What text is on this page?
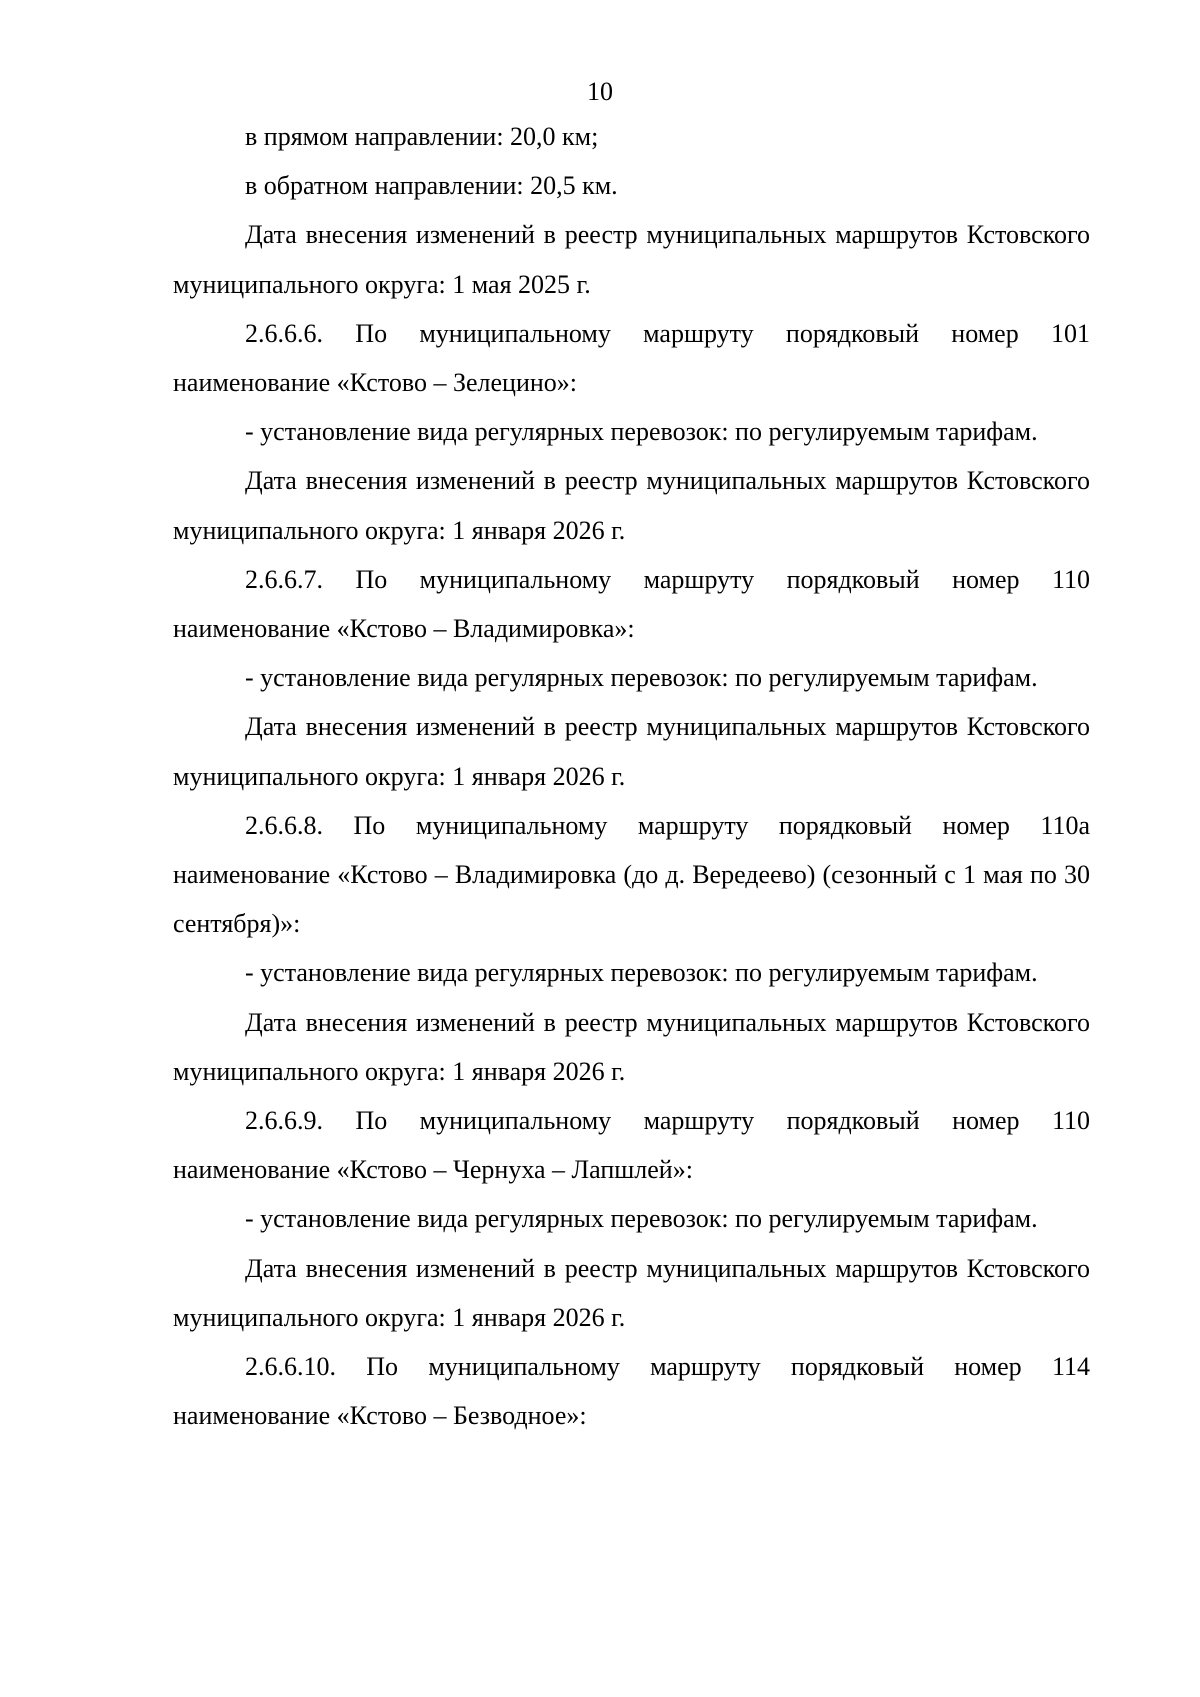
10

в прямом направлении: 20,0 км;

в обратном направлении: 20,5 км.

Дата внесения изменений в реестр муниципальных маршрутов Кстовского муниципального округа: 1 мая 2025 г.

2.6.6.6. По муниципальному маршруту порядковый номер 101 наименование «Кстово – Зелецино»:

- установление вида регулярных перевозок: по регулируемым тарифам.

Дата внесения изменений в реестр муниципальных маршрутов Кстовского муниципального округа: 1 января 2026 г.

2.6.6.7. По муниципальному маршруту порядковый номер 110 наименование «Кстово – Владимировка»:

- установление вида регулярных перевозок: по регулируемым тарифам.

Дата внесения изменений в реестр муниципальных маршрутов Кстовского муниципального округа: 1 января 2026 г.

2.6.6.8. По муниципальному маршруту порядковый номер 110а наименование «Кстово – Владимировка (до д. Вередеево) (сезонный с 1 мая по 30 сентября)»:

- установление вида регулярных перевозок: по регулируемым тарифам.

Дата внесения изменений в реестр муниципальных маршрутов Кстовского муниципального округа: 1 января 2026 г.

2.6.6.9. По муниципальному маршруту порядковый номер 110 наименование «Кстово – Чернуха – Лапшлей»:

- установление вида регулярных перевозок: по регулируемым тарифам.

Дата внесения изменений в реестр муниципальных маршрутов Кстовского муниципального округа: 1 января 2026 г.

2.6.6.10. По муниципальному маршруту порядковый номер 114 наименование «Кстово – Безводное»:
